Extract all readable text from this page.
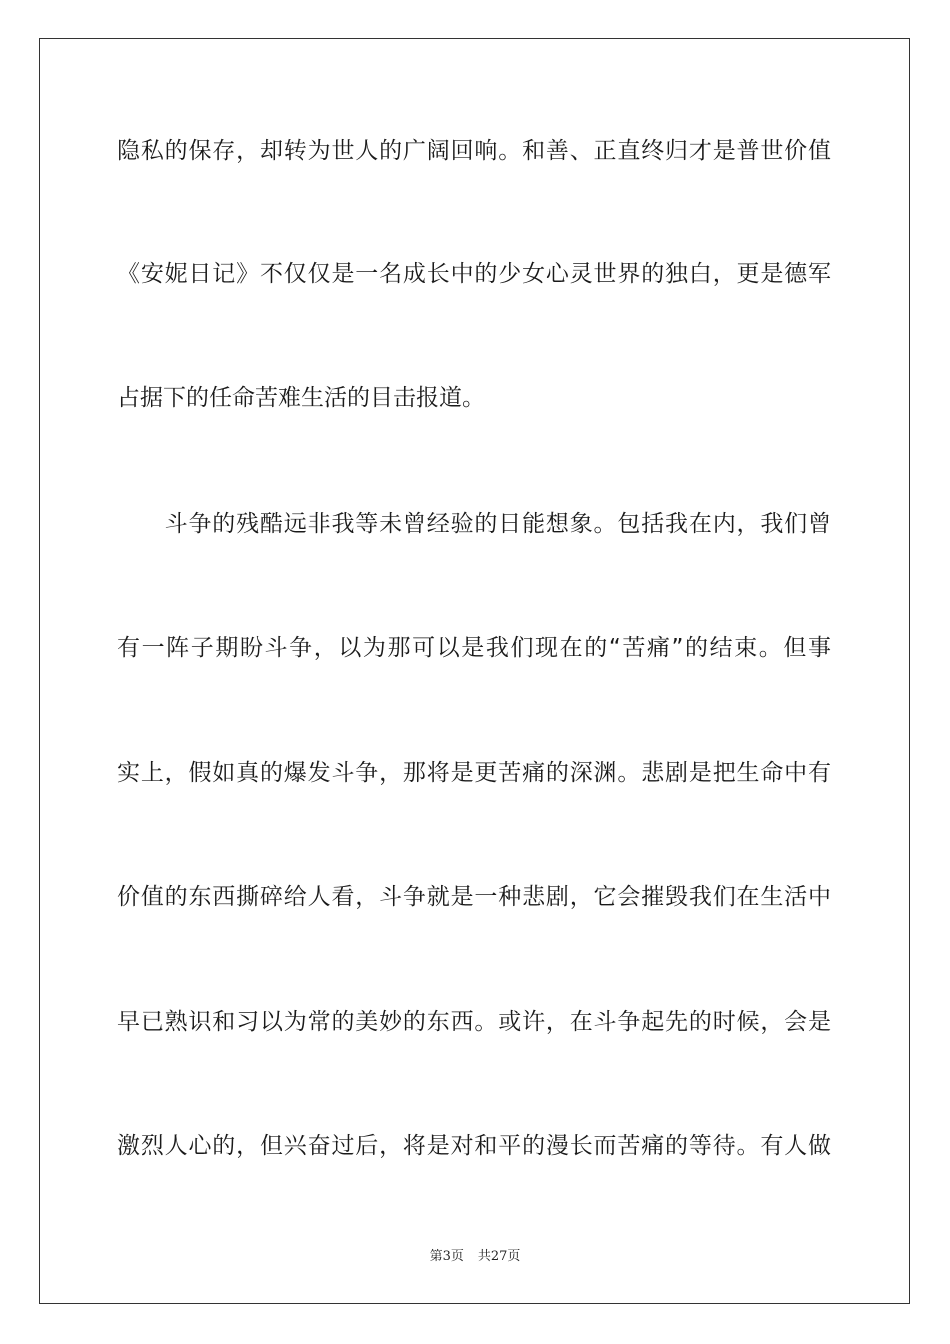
隐私的保存，却转为世人的广阔回响。和善、正直终归才是普世价值
《安妮日记》不仅仅是一名成长中的少女心灵世界的独白，更是德军
占据下的任命苦难生活的目击报道。
　　斗争的残酷远非我等未曾经验的日能想象。包括我在内，我们曾
有一阵子期盼斗争，以为那可以是我们现在的“苦痛”的结束。但事
实上，假如真的爆发斗争，那将是更苦痛的深渊。悲剧是把生命中有
价值的东西撕碎给人看，斗争就是一种悲剧，它会摧毁我们在生活中
早已熟识和习以为常的美妙的东西。或许，在斗争起先的时候，会是
激烈人心的，但兴奋过后，将是对和平的漫长而苦痛的等待。有人做
第3页 共27页
